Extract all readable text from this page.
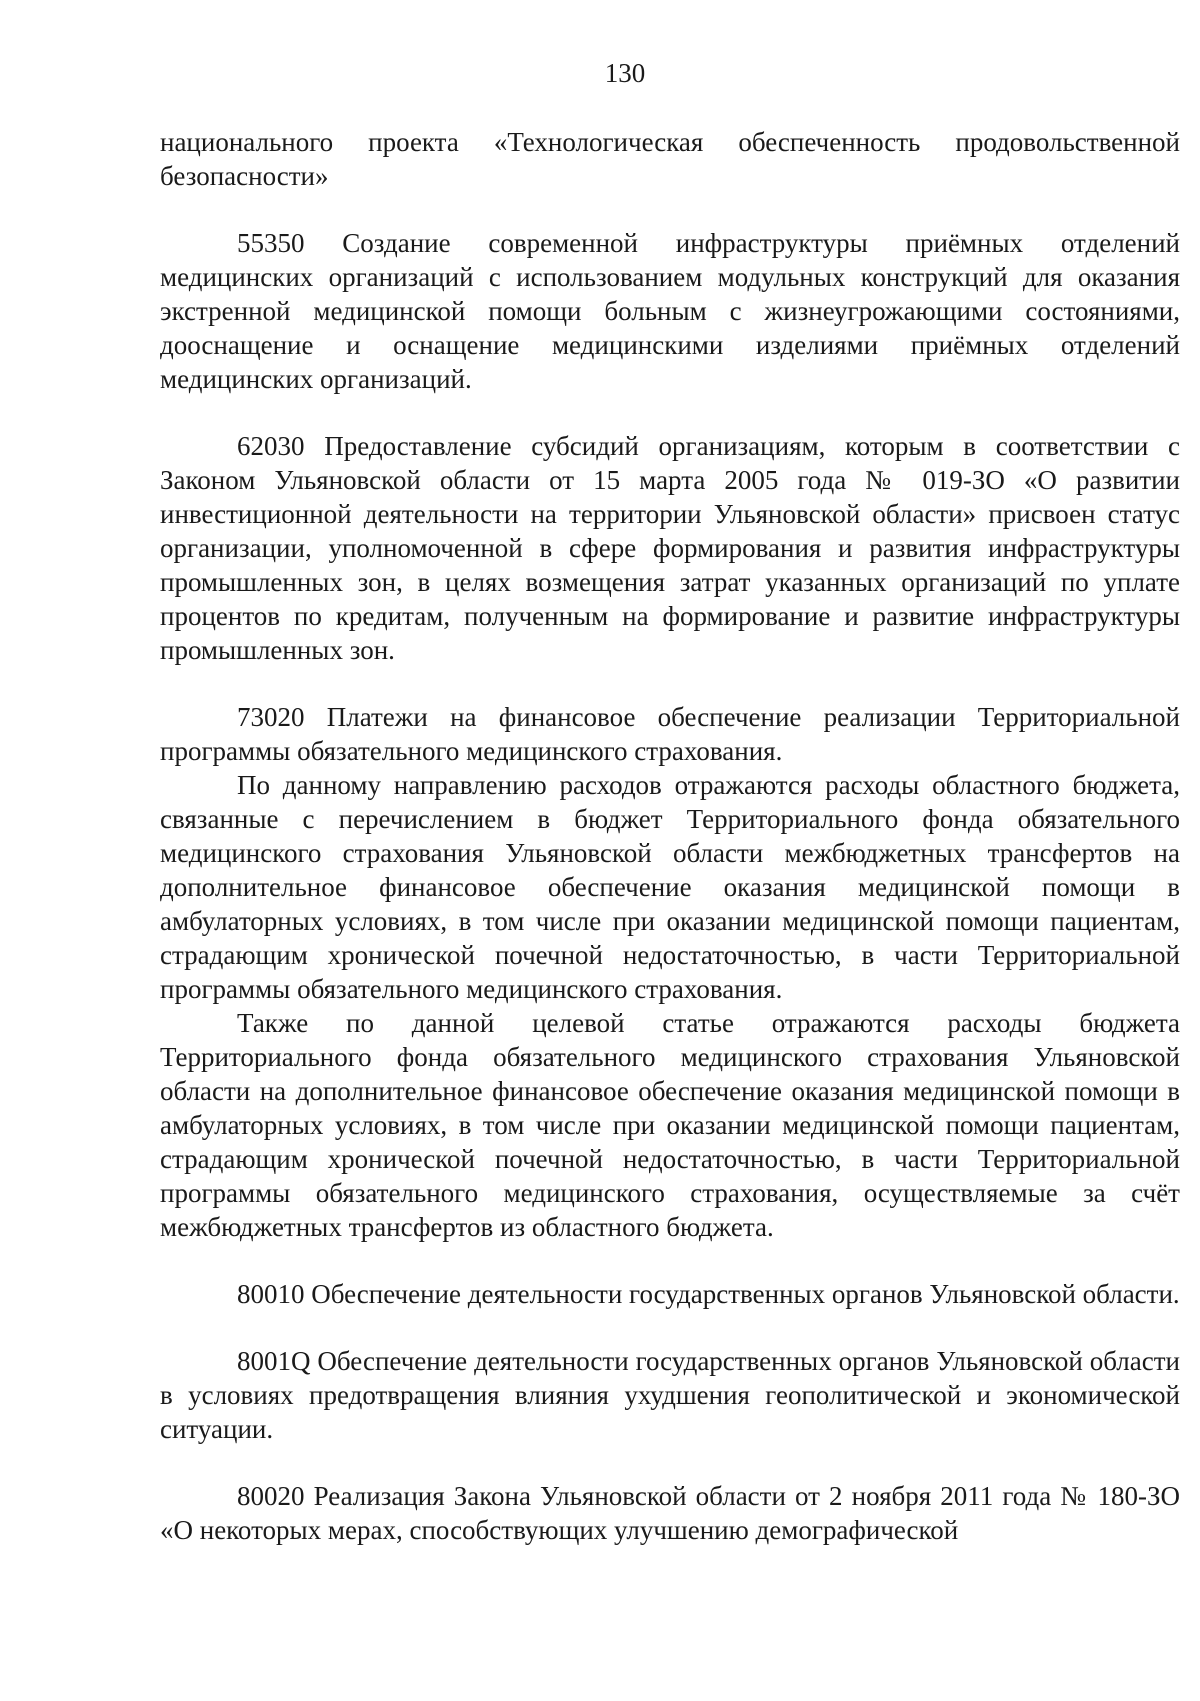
130

национального проекта «Технологическая обеспеченность продовольственной безопасности»

55350 Создание современной инфраструктуры приёмных отделений медицинских организаций с использованием модульных конструкций для оказания экстренной медицинской помощи больным с жизнеугрожающими состояниями, дооснащение и оснащение медицинскими изделиями приёмных отделений медицинских организаций.

62030 Предоставление субсидий организациям, которым в соответствии с Законом Ульяновской области от 15 марта 2005 года № 019-ЗО «О развитии инвестиционной деятельности на территории Ульяновской области» присвоен статус организации, уполномоченной в сфере формирования и развития инфраструктуры промышленных зон, в целях возмещения затрат указанных организаций по уплате процентов по кредитам, полученным на формирование и развитие инфраструктуры промышленных зон.

73020 Платежи на финансовое обеспечение реализации Территориальной программы обязательного медицинского страхования.

По данному направлению расходов отражаются расходы областного бюджета, связанные с перечислением в бюджет Территориального фонда обязательного медицинского страхования Ульяновской области межбюджетных трансфертов на дополнительное финансовое обеспечение оказания медицинской помощи в амбулаторных условиях, в том числе при оказании медицинской помощи пациентам, страдающим хронической почечной недостаточностью, в части Территориальной программы обязательного медицинского страхования.

Также по данной целевой статье отражаются расходы бюджета Территориального фонда обязательного медицинского страхования Ульяновской области на дополнительное финансовое обеспечение оказания медицинской помощи в амбулаторных условиях, в том числе при оказании медицинской помощи пациентам, страдающим хронической почечной недостаточностью, в части Территориальной программы обязательного медицинского страхования, осуществляемые за счёт межбюджетных трансфертов из областного бюджета.

80010 Обеспечение деятельности государственных органов Ульяновской области.

8001Q Обеспечение деятельности государственных органов Ульяновской области в условиях предотвращения влияния ухудшения геополитической и экономической ситуации.

80020 Реализация Закона Ульяновской области от 2 ноября 2011 года № 180-ЗО «О некоторых мерах, способствующих улучшению демографической
